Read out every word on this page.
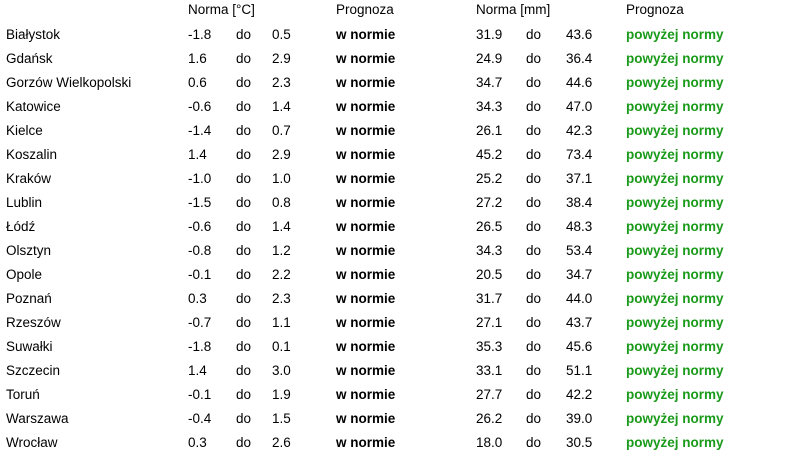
Norma [°C]	Prognoza	Norma [mm]	Prognoza
Białystok	-1.8 do 0.5	w normie	31.9 do 43.6 powyżej normy
Gdańsk	1.6 do 2.9	w normie	24.9 do 36.4 powyżej normy
Gorzów Wielkopolski	0.6 do 2.3	w normie	34.7 do 44.6 powyżej normy
Katowice	-0.6 do 1.4	w normie	34.3 do 47.0 powyżej normy
Kielce	-1.4 do 0.7	w normie	26.1 do 42.3 powyżej normy
Koszalin	1.4 do 2.9	w normie	45.2 do 73.4 powyżej normy
Kraków	-1.0 do 1.0	w normie	25.2 do 37.1 powyżej normy
Lublin	-1.5 do 0.8	w normie	27.2 do 38.4 powyżej normy
Łódź	-0.6 do 1.4	w normie	26.5 do 48.3 powyżej normy
Olsztyn	-0.8 do 1.2	w normie	34.3 do 53.4 powyżej normy
Opole	-0.1 do 2.2	w normie	20.5 do 34.7 powyżej normy
Poznań	0.3 do 2.3	w normie	31.7 do 44.0 powyżej normy
Rzeszów	-0.7 do 1.1	w normie	27.1 do 43.7 powyżej normy
Suwałki	-1.8 do 0.1	w normie	35.3 do 45.6 powyżej normy
Szczecin	1.4 do 3.0	w normie	33.1 do 51.1 powyżej normy
Toruń	-0.1 do 1.9	w normie	27.7 do 42.2 powyżej normy
Warszawa	-0.4 do 1.5	w normie	26.2 do 39.0 powyżej normy
Wrocław	0.3 do 2.6	w normie	18.0 do 30.5 powyżej normy
